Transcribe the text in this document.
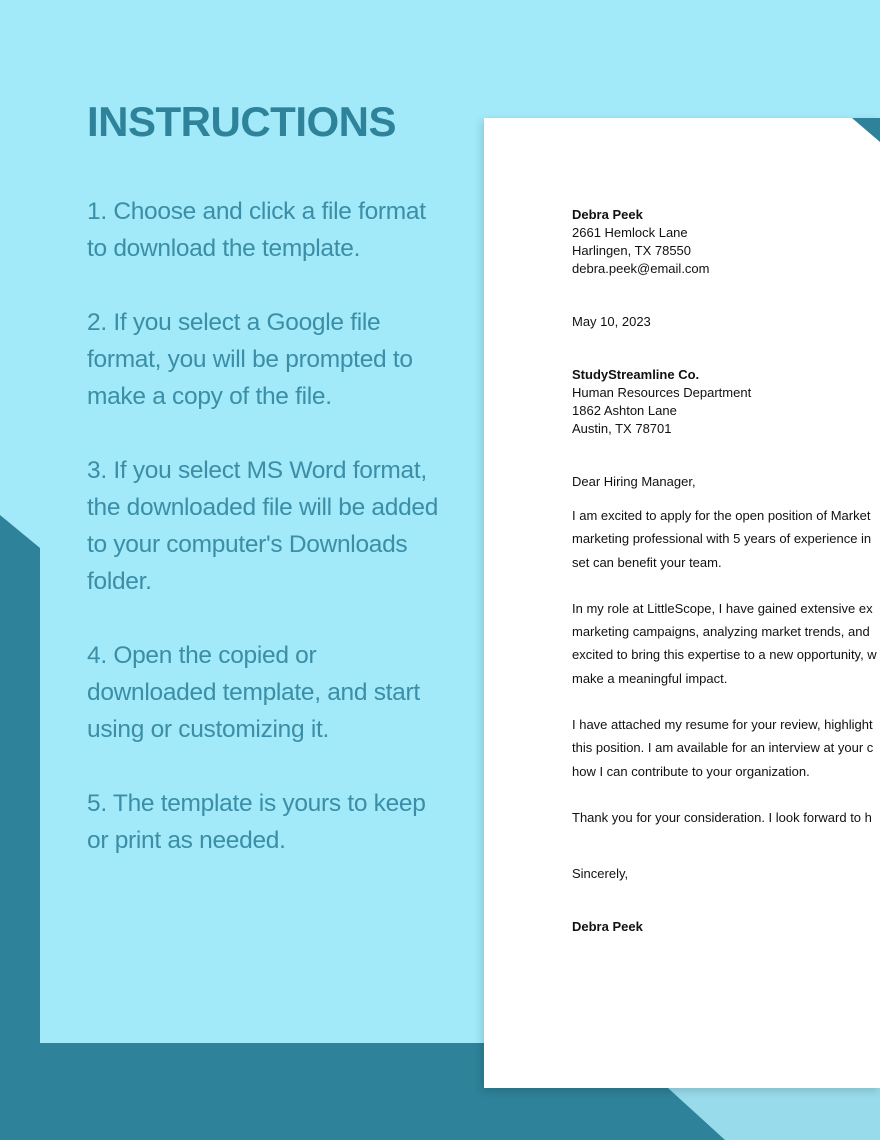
INSTRUCTIONS

1. Choose and click a file format to download the template.

2. If you select a Google file format, you will be prompted to make a copy of the file.

3. If you select MS Word format, the downloaded file will be added to your computer's Downloads folder.

4. Open the copied or downloaded template, and start using or customizing it.

5. The template is yours to keep or print as needed.

Debra Peek
2661 Hemlock Lane
Harlingen, TX 78550
debra.peek@email.com
May 10, 2023
StudyStreamline Co.
Human Resources Department
1862 Ashton Lane
Austin, TX 78701
Dear Hiring Manager,
I am excited to apply for the open position of Market
marketing professional with 5 years of experience in
set can benefit your team.
In my role at LittleScope, I have gained extensive ex
marketing campaigns, analyzing market trends, and
excited to bring this expertise to a new opportunity, w
make a meaningful impact.
I have attached my resume for your review, highlight
this position. I am available for an interview at your c
how I can contribute to your organization.
Thank you for your consideration. I look forward to h
Sincerely,
Debra Peek
